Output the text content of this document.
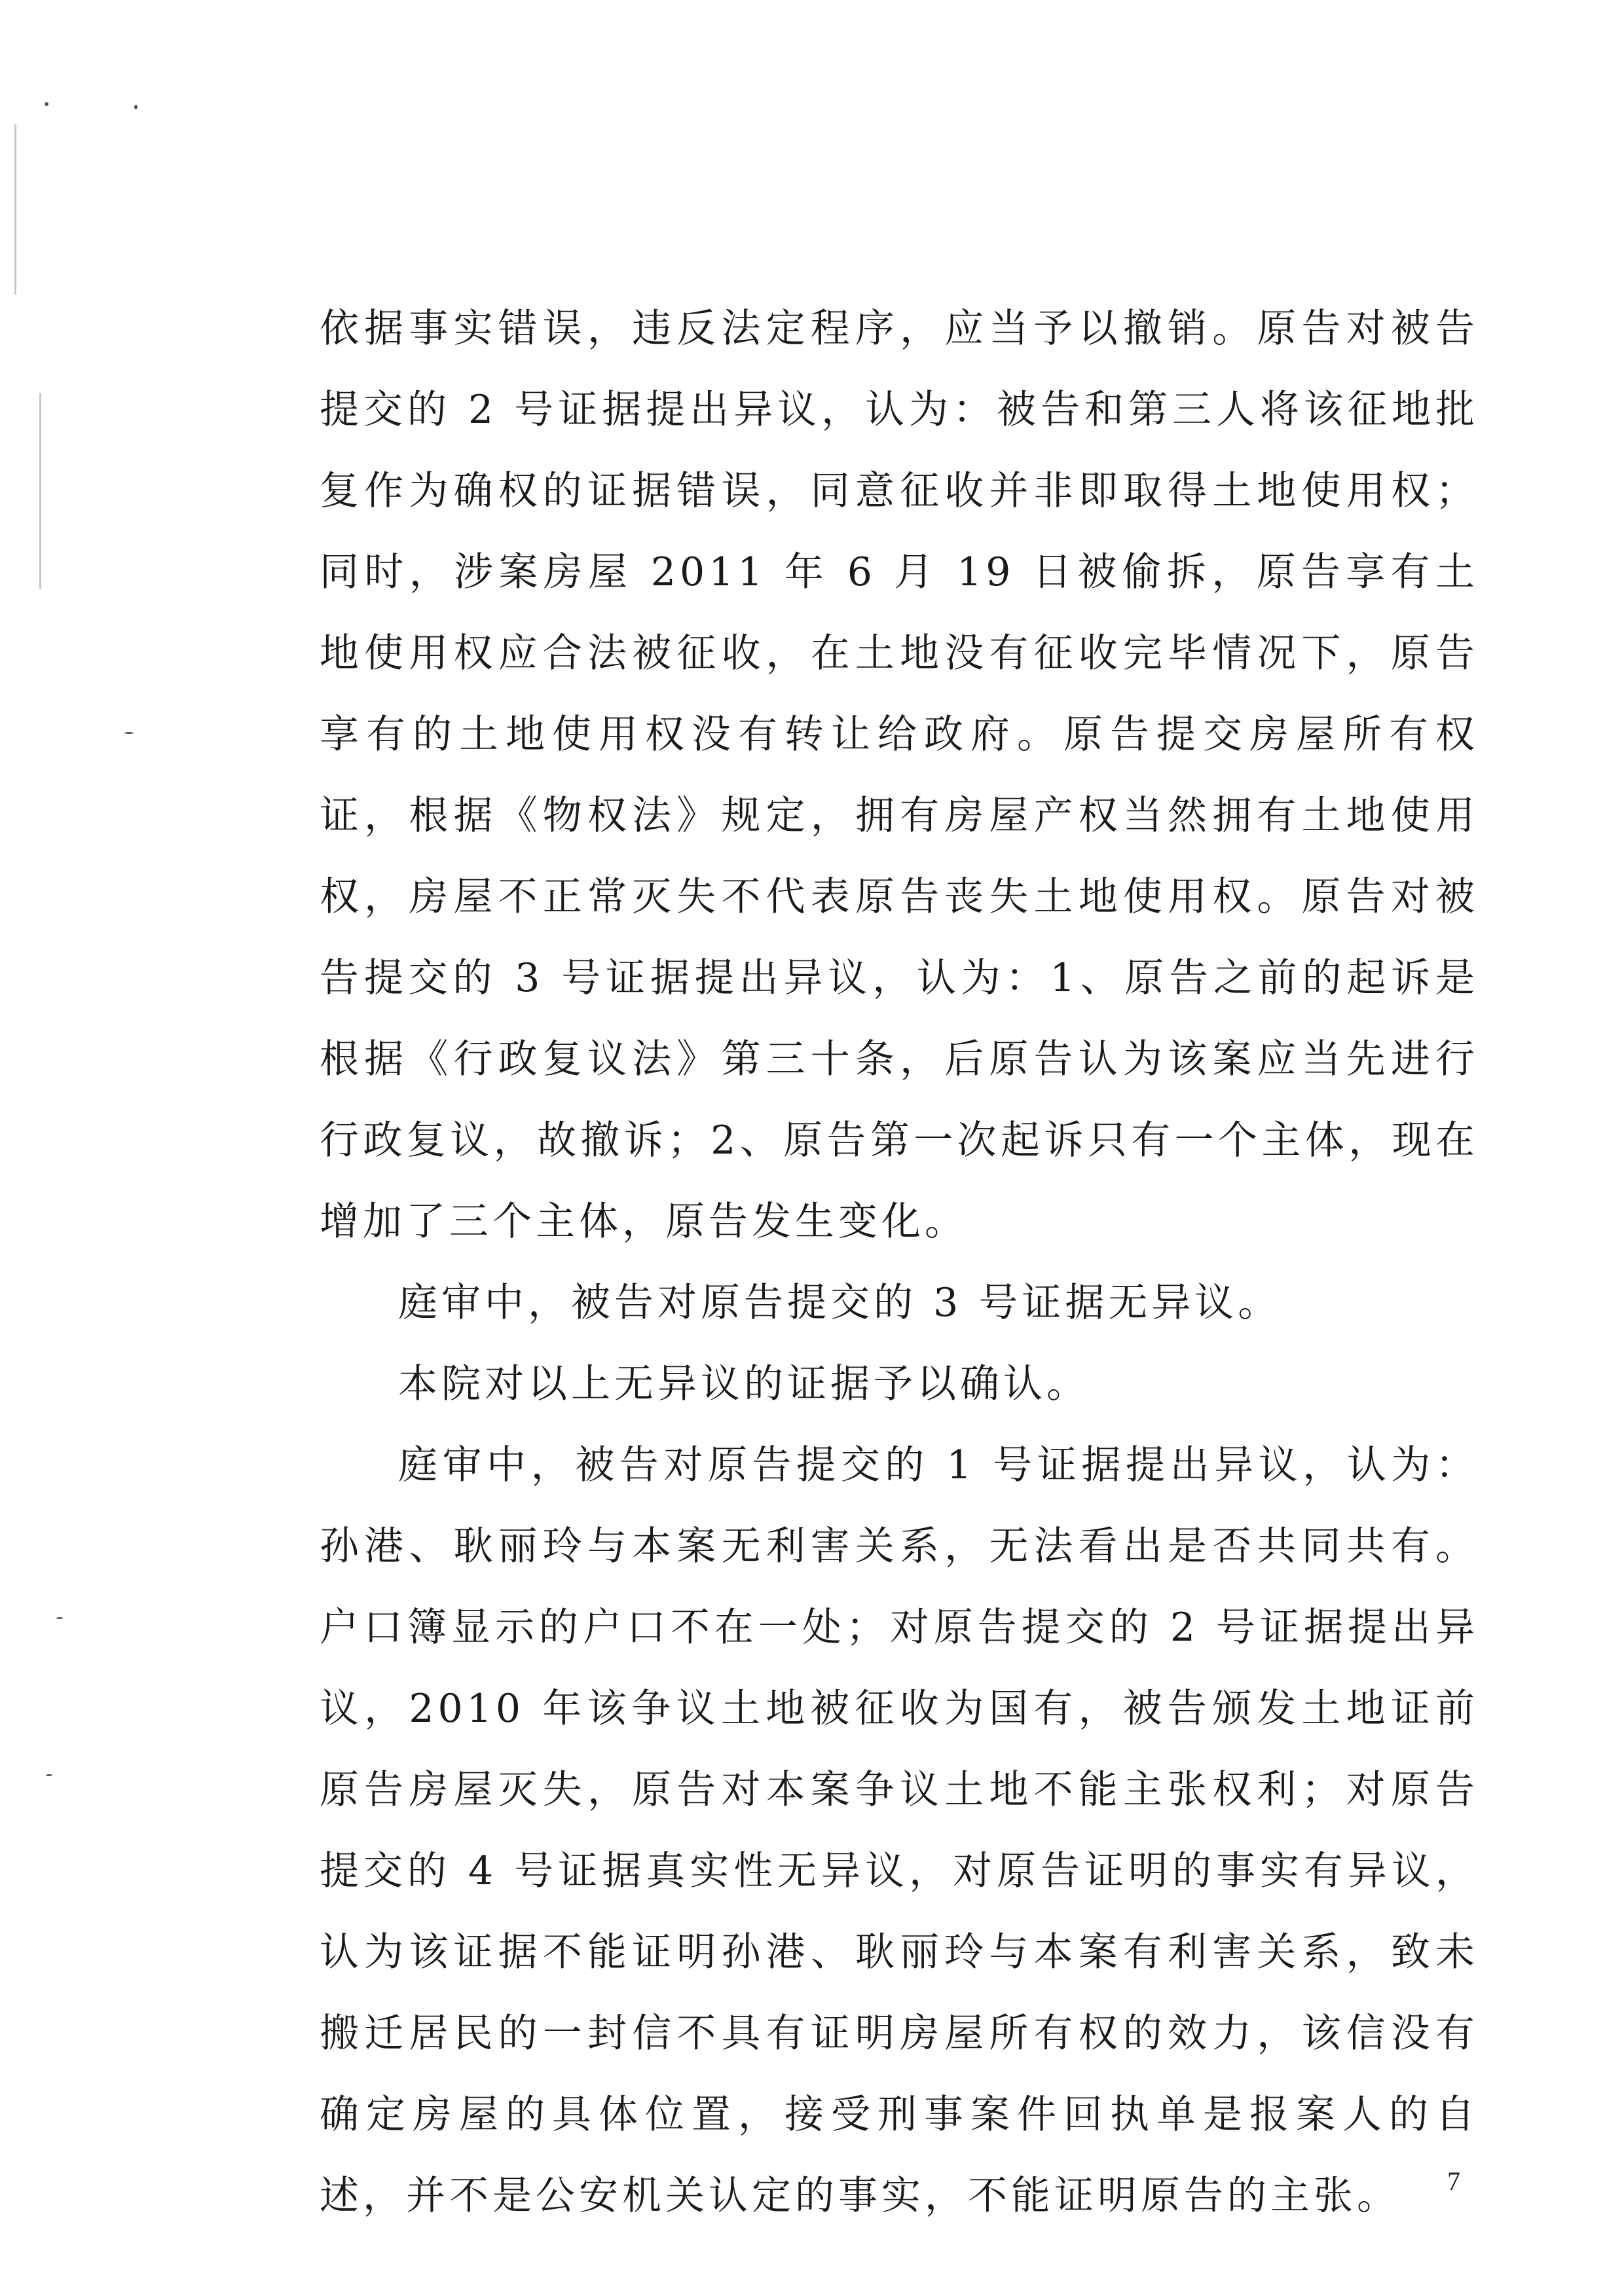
依据事实错误，违反法定程序，应当予以撤销。原告对被告提交的 2 号证据提出异议，认为：被告和第三人将该征地批复作为确权的证据错误，同意征收并非即取得土地使用权；同时，涉案房屋 2011 年 6 月 19 日被偷拆，原告享有土地使用权应合法被征收，在土地没有征收完毕情况下，原告享有的土地使用权没有转让给政府。原告提交房屋所有权证，根据《物权法》规定，拥有房屋产权当然拥有土地使用权，房屋不正常灭失不代表原告丧失土地使用权。原告对被告提交的 3 号证据提出异议，认为：1、原告之前的起诉是根据《行政复议法》第三十条，后原告认为该案应当先进行行政复议，故撤诉；2、原告第一次起诉只有一个主体，现在增加了三个主体，原告发生变化。

庭审中，被告对原告提交的 3 号证据无异议。

本院对以上无异议的证据予以确认。

庭审中，被告对原告提交的 1 号证据提出异议，认为：孙港、耿丽玲与本案无利害关系，无法看出是否共同共有。户口簿显示的户口不在一处；对原告提交的 2 号证据提出异议，2010 年该争议土地被征收为国有，被告颁发土地证前原告房屋灭失，原告对本案争议土地不能主张权利；对原告提交的 4 号证据真实性无异议，对原告证明的事实有异议，认为该证据不能证明孙港、耿丽玲与本案有利害关系，致未搬迁居民的一封信不具有证明房屋所有权的效力，该信没有确定房屋的具体位置，接受刑事案件回执单是报案人的自述，并不是公安机关认定的事实，不能证明原告的主张。	7
